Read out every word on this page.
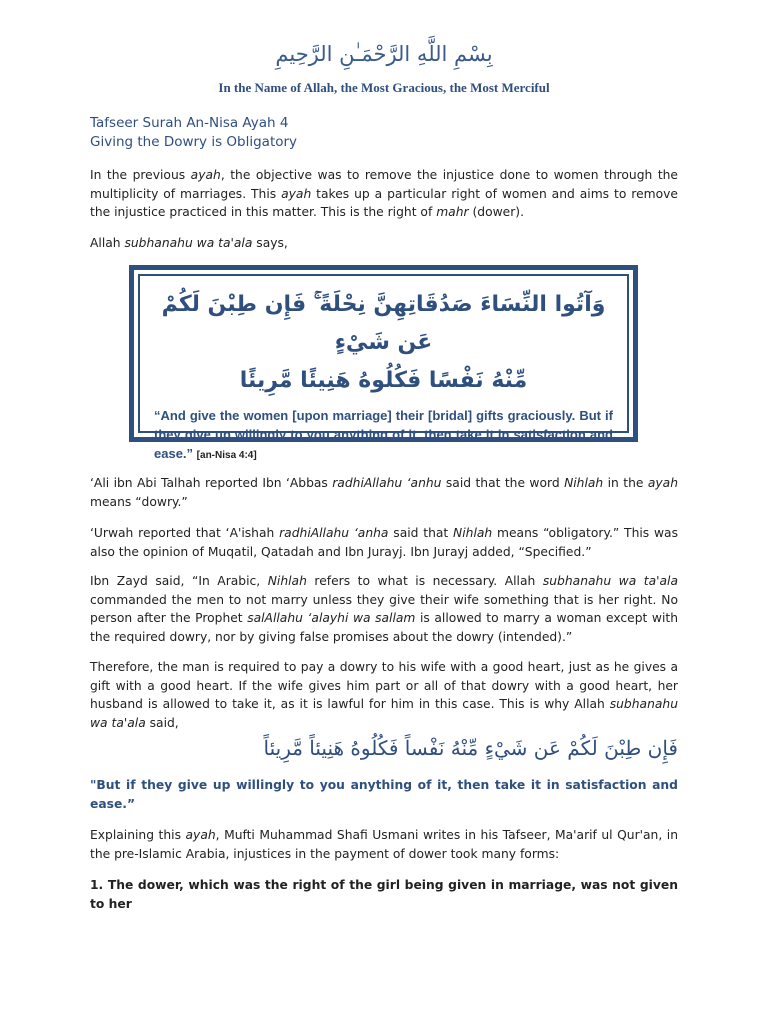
بِسْمِ اللَّهِ الرَّحْمَـٰنِ الرَّحِيمِ
In the Name of Allah, the Most Gracious, the Most Merciful
Tafseer Surah An-Nisa Ayah 4
Giving the Dowry is Obligatory
In the previous ayah, the objective was to remove the injustice done to women through the multiplicity of marriages. This ayah takes up a particular right of women and aims to remove the injustice practiced in this matter. This is the right of mahr (dower).
Allah subhanahu wa ta'ala says,
وَآتُوا النِّسَاءَ صَدُقَاتِهِنَّ نِحْلَةً ۚ فَإِن طِبْنَ لَكُمْ عَن شَيْءٍ
مِّنْهُ نَفْسًا فَكُلُوهُ هَنِيئًا مَّرِيئًا
“And give the women [upon marriage] their [bridal] gifts graciously. But if they give up willingly to you anything of it, then take it in satisfaction and ease.” [an-Nisa 4:4]
‘Ali ibn Abi Talhah reported Ibn ‘Abbas radhiAllahu ‘anhu said that the word Nihlah in the ayah means “dowry.”
‘Urwah reported that ‘A'ishah radhiAllahu ‘anha said that Nihlah means “obligatory.” This was also the opinion of Muqatil, Qatadah and Ibn Jurayj. Ibn Jurayj added, “Specified.”
Ibn Zayd said, “In Arabic, Nihlah refers to what is necessary. Allah subhanahu wa ta'ala commanded the men to not marry unless they give their wife something that is her right. No person after the Prophet salAllahu ‘alayhi wa sallam is allowed to marry a woman except with the required dowry, nor by giving false promises about the dowry (intended).”
Therefore, the man is required to pay a dowry to his wife with a good heart, just as he gives a gift with a good heart. If the wife gives him part or all of that dowry with a good heart, her husband is allowed to take it, as it is lawful for him in this case. This is why Allah subhanahu wa ta'ala said,
فَإِن طِبْنَ لَكُمْ عَن شَيْءٍ مِّنْهُ نَفْساً فَكُلُوهُ هَنِيئاً مَّرِيئاً
"But if they give up willingly to you anything of it, then take it in satisfaction and ease.”
Explaining this ayah, Mufti Muhammad Shafi Usmani writes in his Tafseer, Ma'arif ul Qur'an, in the pre-Islamic Arabia, injustices in the payment of dower took many forms:
1. The dower, which was the right of the girl being given in marriage, was not given to her
